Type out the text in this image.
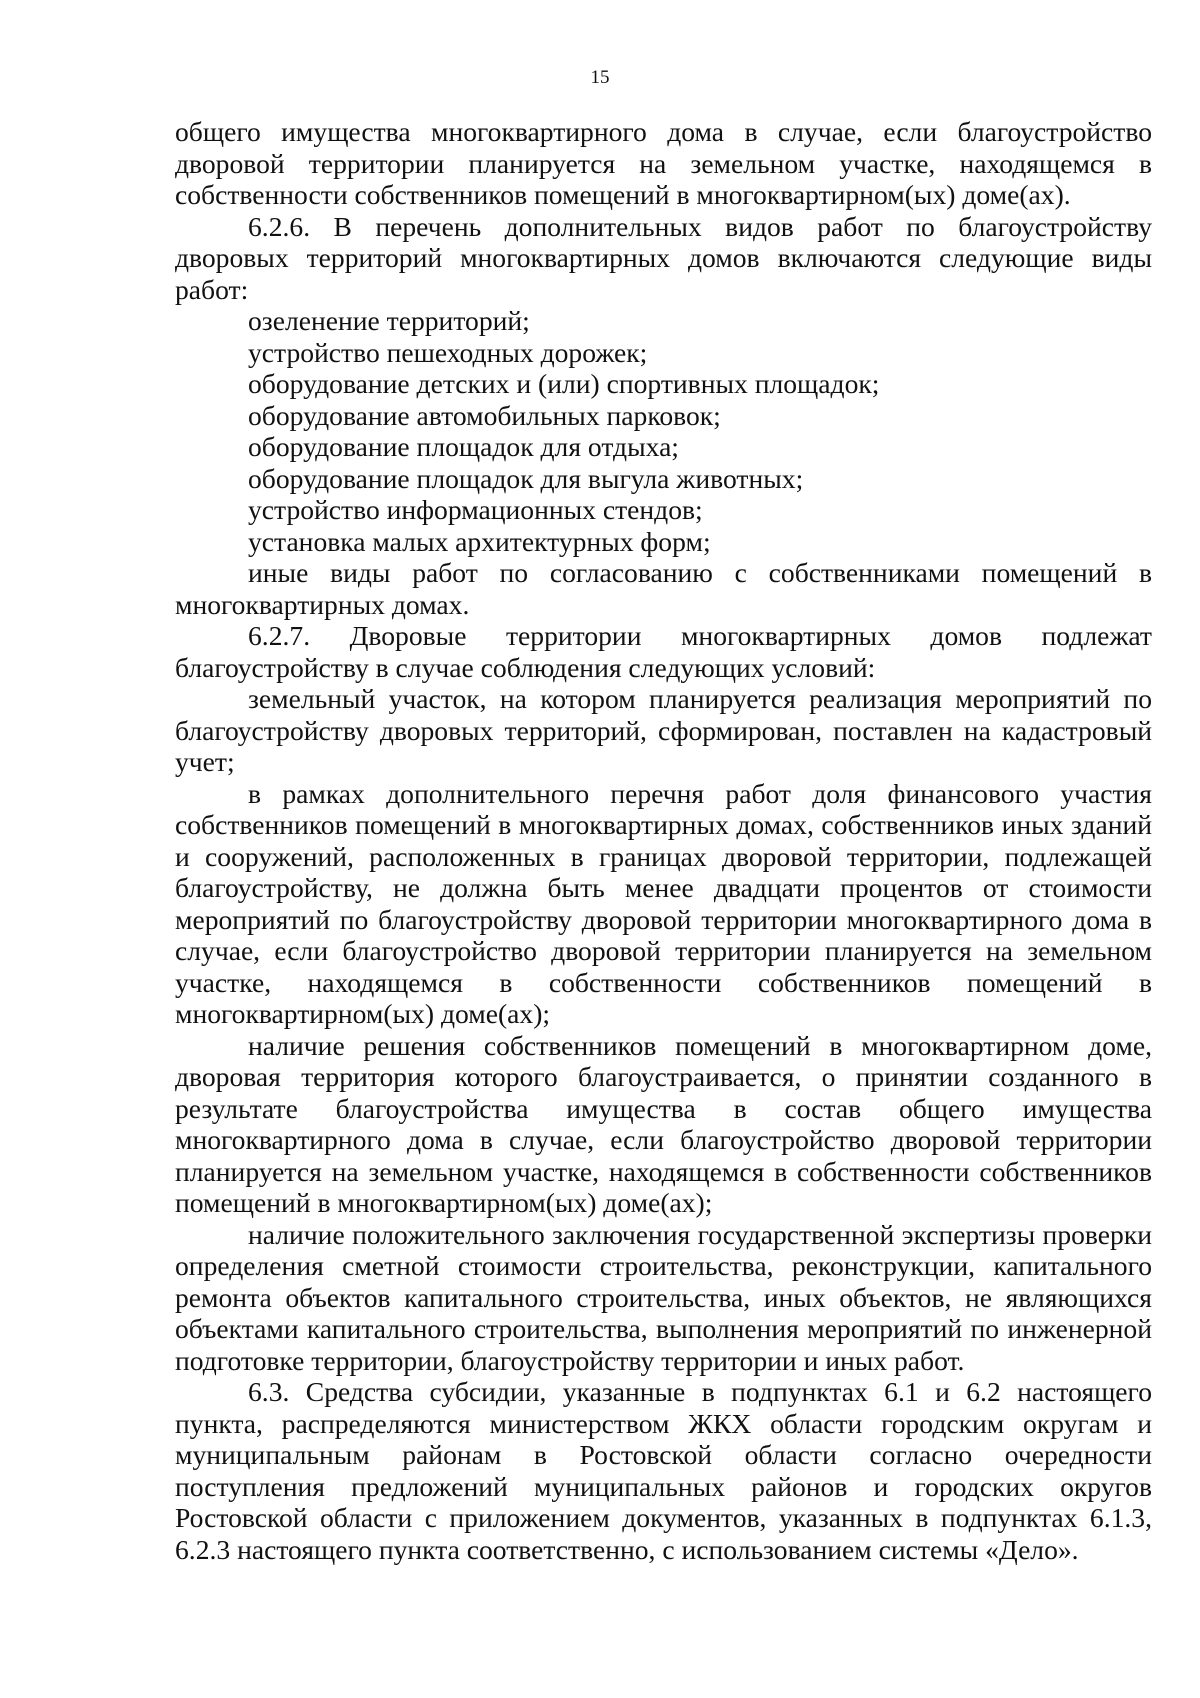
15

общего имущества многоквартирного дома в случае, если благоустройство дворовой территории планируется на земельном участке, находящемся в собственности собственников помещений в многоквартирном(ых) доме(ах).

6.2.6. В перечень дополнительных видов работ по благоустройству дворовых территорий многоквартирных домов включаются следующие виды работ:

озеленение территорий;

устройство пешеходных дорожек;

оборудование детских и (или) спортивных площадок;

оборудование автомобильных парковок;

оборудование площадок для отдыха;

оборудование площадок для выгула животных;

устройство информационных стендов;

установка малых архитектурных форм;

иные виды работ по согласованию с собственниками помещений в многоквартирных домах.

6.2.7. Дворовые территории многоквартирных домов подлежат благоустройству в случае соблюдения следующих условий:

земельный участок, на котором планируется реализация мероприятий по благоустройству дворовых территорий, сформирован, поставлен на кадастровый учет;

в рамках дополнительного перечня работ доля финансового участия собственников помещений в многоквартирных домах, собственников иных зданий и сооружений, расположенных в границах дворовой территории, подлежащей благоустройству, не должна быть менее двадцати процентов от стоимости мероприятий по благоустройству дворовой территории многоквартирного дома в случае, если благоустройство дворовой территории планируется на земельном участке, находящемся в собственности собственников помещений в многоквартирном(ых) доме(ах);

наличие решения собственников помещений в многоквартирном доме, дворовая территория которого благоустраивается, о принятии созданного в результате благоустройства имущества в состав общего имущества многоквартирного дома в случае, если благоустройство дворовой территории планируется на земельном участке, находящемся в собственности собственников помещений в многоквартирном(ых) доме(ах);

наличие положительного заключения государственной экспертизы проверки определения сметной стоимости строительства, реконструкции, капитального ремонта объектов капитального строительства, иных объектов, не являющихся объектами капитального строительства, выполнения мероприятий по инженерной подготовке территории, благоустройству территории и иных работ.

6.3. Средства субсидии, указанные в подпунктах 6.1 и 6.2 настоящего пункта, распределяются министерством ЖКХ области городским округам и муниципальным районам в Ростовской области согласно очередности поступления предложений муниципальных районов и городских округов Ростовской области с приложением документов, указанных в подпунктах 6.1.3, 6.2.3 настоящего пункта соответственно, с использованием системы «Дело».
